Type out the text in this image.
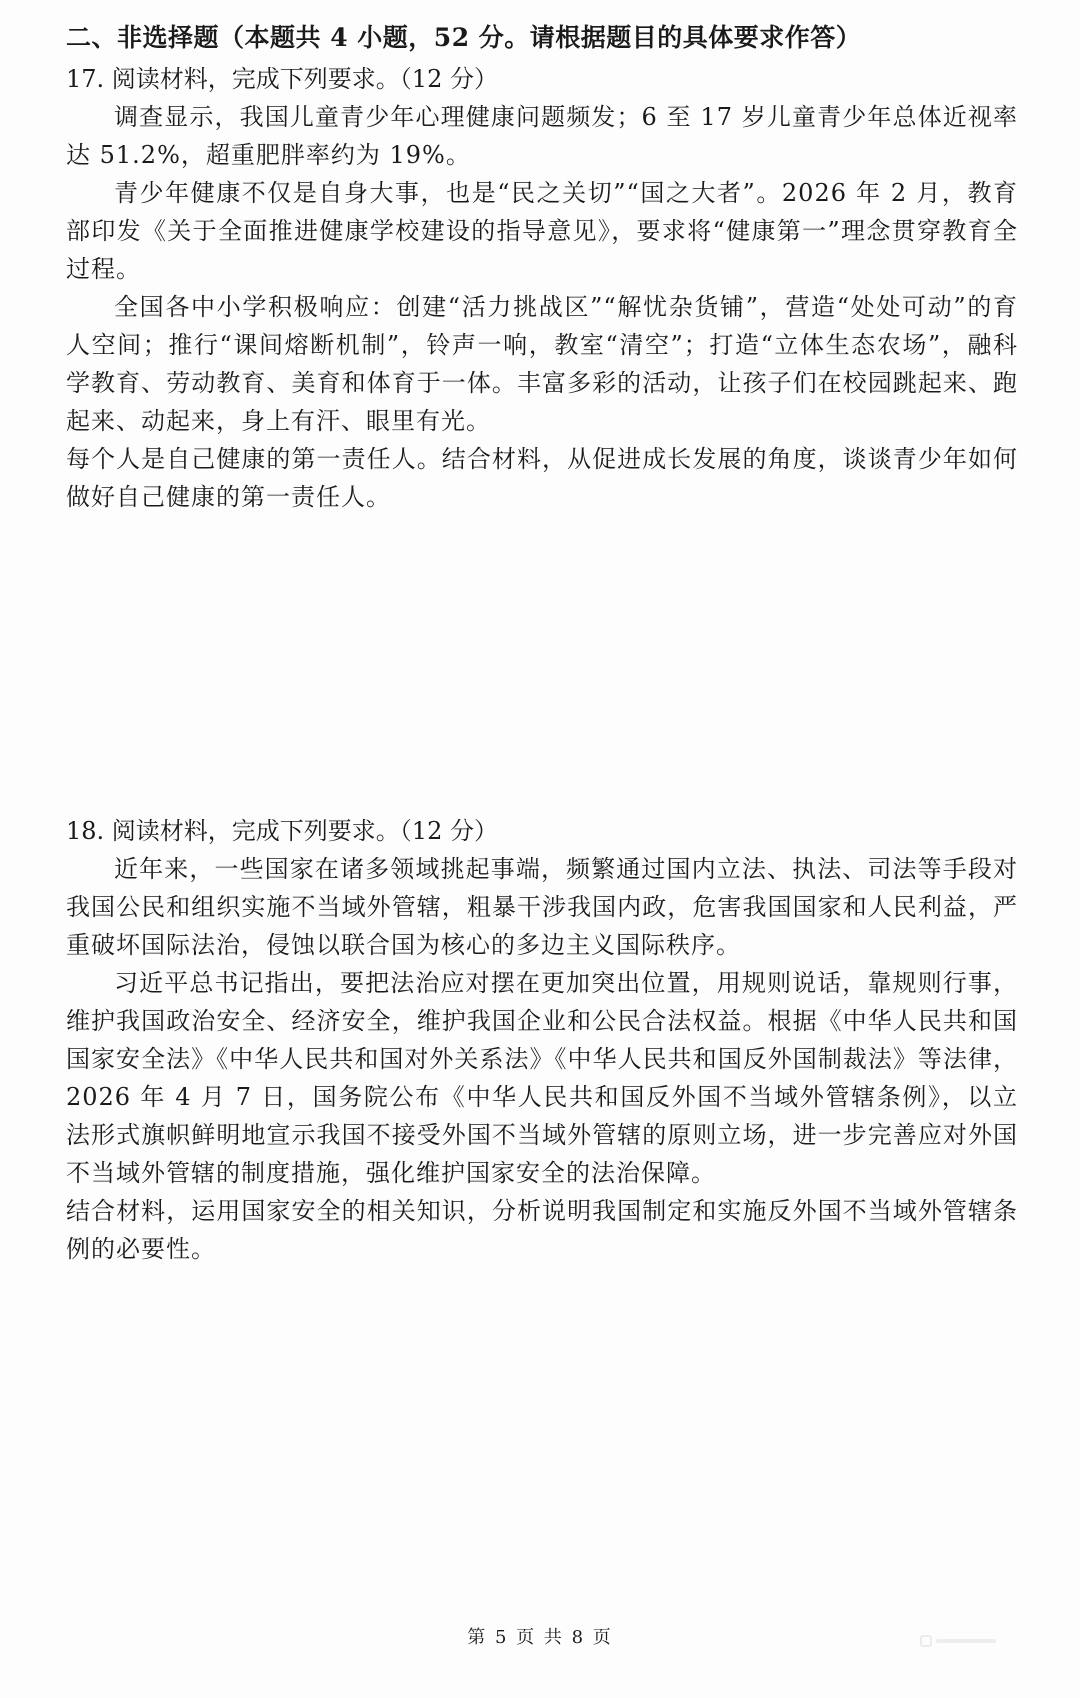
二、非选择题（本题共 4 小题，52 分。请根据题目的具体要求作答）

17. 阅读材料，完成下列要求。（12 分）

调查显示，我国儿童青少年心理健康问题频发；6 至 17 岁儿童青少年总体近视率达 51.2%，超重肥胖率约为 19%。

青少年健康不仅是自身大事，也是“民之关切”“国之大者”。2026 年 2 月，教育部印发《关于全面推进健康学校建设的指导意见》，要求将“健康第一”理念贯穿教育全过程。

全国各中小学积极响应：创建“活力挑战区”“解忧杂货铺”，营造“处处可动”的育人空间；推行“课间熔断机制”，铃声一响，教室“清空”；打造“立体生态农场”，融科学教育、劳动教育、美育和体育于一体。丰富多彩的活动，让孩子们在校园跳起来、跑起来、动起来，身上有汗、眼里有光。

每个人是自己健康的第一责任人。结合材料，从促进成长发展的角度，谈谈青少年如何做好自己健康的第一责任人。

18. 阅读材料，完成下列要求。（12 分）

近年来，一些国家在诸多领域挑起事端，频繁通过国内立法、执法、司法等手段对我国公民和组织实施不当域外管辖，粗暴干涉我国内政，危害我国国家和人民利益，严重破坏国际法治，侵蚀以联合国为核心的多边主义国际秩序。

习近平总书记指出，要把法治应对摆在更加突出位置，用规则说话，靠规则行事，维护我国政治安全、经济安全，维护我国企业和公民合法权益。根据《中华人民共和国国家安全法》《中华人民共和国对外关系法》《中华人民共和国反外国制裁法》等法律，2026 年 4 月 7 日，国务院公布《中华人民共和国反外国不当域外管辖条例》，以立法形式旗帜鲜明地宣示我国不接受外国不当域外管辖的原则立场，进一步完善应对外国不当域外管辖的制度措施，强化维护国家安全的法治保障。

结合材料，运用国家安全的相关知识，分析说明我国制定和实施反外国不当域外管辖条例的必要性。

第 5 页 共 8 页
